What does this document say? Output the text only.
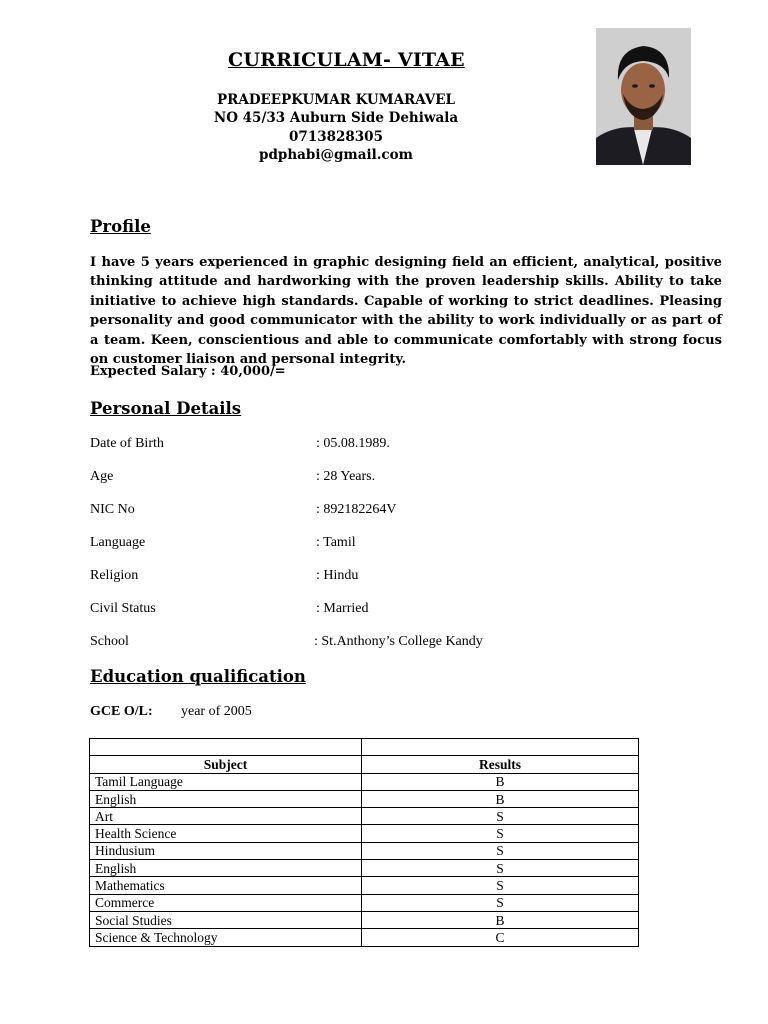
CURRICULAM- VITAE
PRADEEPKUMAR KUMARAVEL
NO 45/33 Auburn Side Dehiwala
0713828305
pdphabi@gmail.com
Profile
I have 5 years experienced in graphic designing field an efficient, analytical, positive thinking attitude and hardworking with the proven leadership skills. Ability to take initiative to achieve high standards. Capable of working to strict deadlines. Pleasing personality and good communicator with the ability to work individually or as part of a team. Keen, conscientious and able to communicate comfortably with strong focus on customer liaison and personal integrity.
Expected Salary : 40,000/=
Personal Details
Date of Birth	: 05.08.1989.
Age	: 28 Years.
NIC No	: 892182264V
Language	: Tamil
Religion	: Hindu
Civil Status	: Married
School	: St.Anthony’s College Kandy
Education qualification
GCE O/L: year of 2005

Subject	Results
Tamil Language	B
English	B
Art	S
Health Science	S
Hindusium	S
English	S
Mathematics	S
Commerce	S
Social Studies	B
Science & Technology	C
